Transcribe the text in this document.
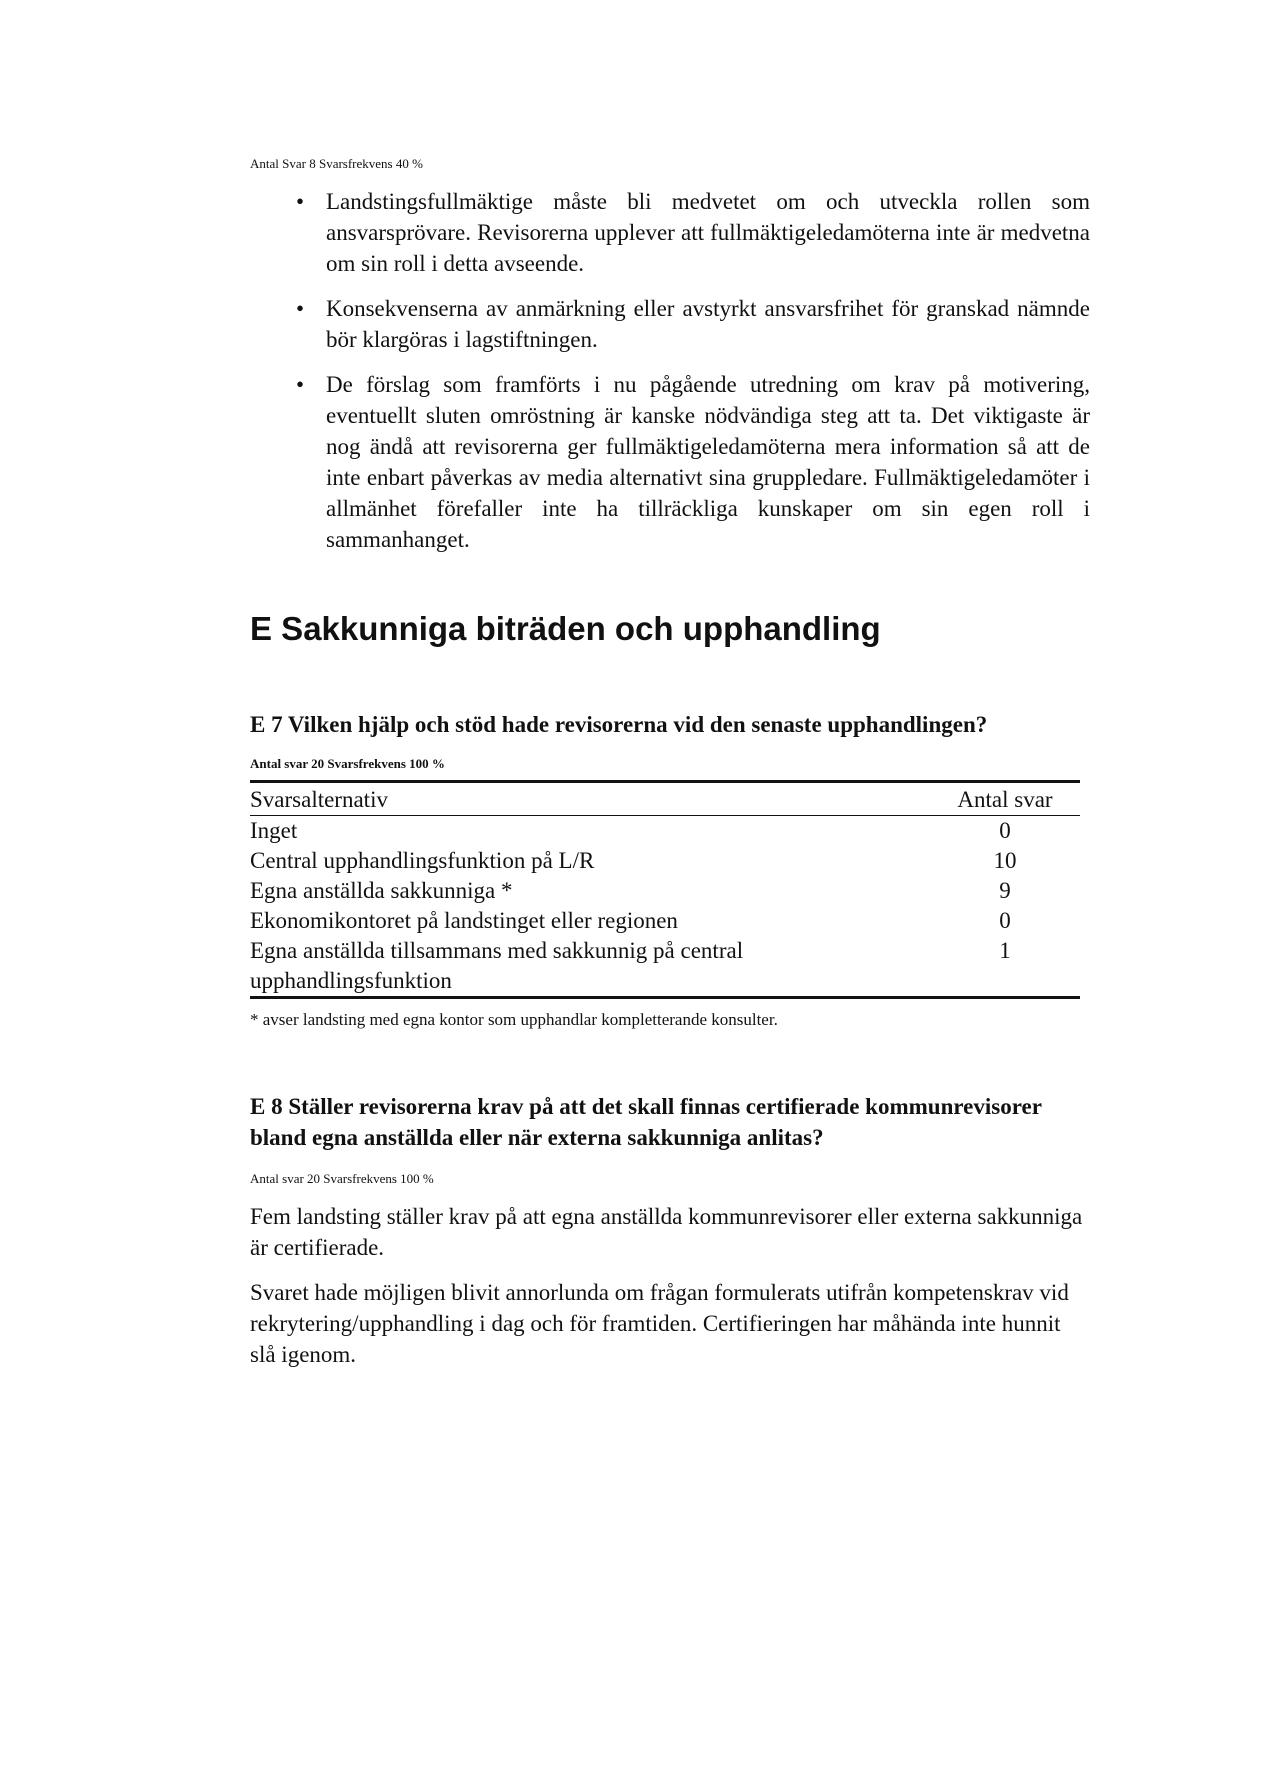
Antal Svar 8 Svarsfrekvens 40 %

• Landstingsfullmäktige måste bli medvetet om och utveckla rollen som ansvarsprövare. Revisorerna upplever att fullmäktigeledamöterna inte är medvetna om sin roll i detta avseende.
• Konsekvenserna av anmärkning eller avstyrkt ansvarsfrihet för granskad nämnde bör klargöras i lagstiftningen.
• De förslag som framförts i nu pågående utredning om krav på motivering, eventuellt sluten omröstning är kanske nödvändiga steg att ta. Det viktigaste är nog ändå att revisorerna ger fullmäktigeledamöterna mera information så att de inte enbart påverkas av media alternativt sina gruppledare. Fullmäktigeledamöter i allmänhet förefaller inte ha tillräckliga kunskaper om sin egen roll i sammanhanget.
E Sakkunniga biträden och upphandling
E 7 Vilken hjälp och stöd hade revisorerna vid den senaste upphandlingen?

Antal svar 20 Svarsfrekvens 100 %

Svarsalternativ	Antal svar
Inget	0
Central upphandlingsfunktion på L/R	10
Egna anställda sakkunniga *	9
Ekonomikontoret på landstinget eller regionen	0
Egna anställda tillsammans med sakkunnig på central upphandlingsfunktion	1

* avser landsting med egna kontor som upphandlar kompletterande konsulter.

E 8 Ställer revisorerna krav på att det skall finnas certifierade kommunrevisorer bland egna anställda eller när externa sakkunniga anlitas?

Antal svar 20 Svarsfrekvens 100 %

Fem landsting ställer krav på att egna anställda kommunrevisorer eller externa sakkunniga är certifierade.

Svaret hade möjligen blivit annorlunda om frågan formulerats utifrån kompetenskrav vid rekrytering/upphandling i dag och för framtiden. Certifieringen har måhända inte hunnit slå igenom.
